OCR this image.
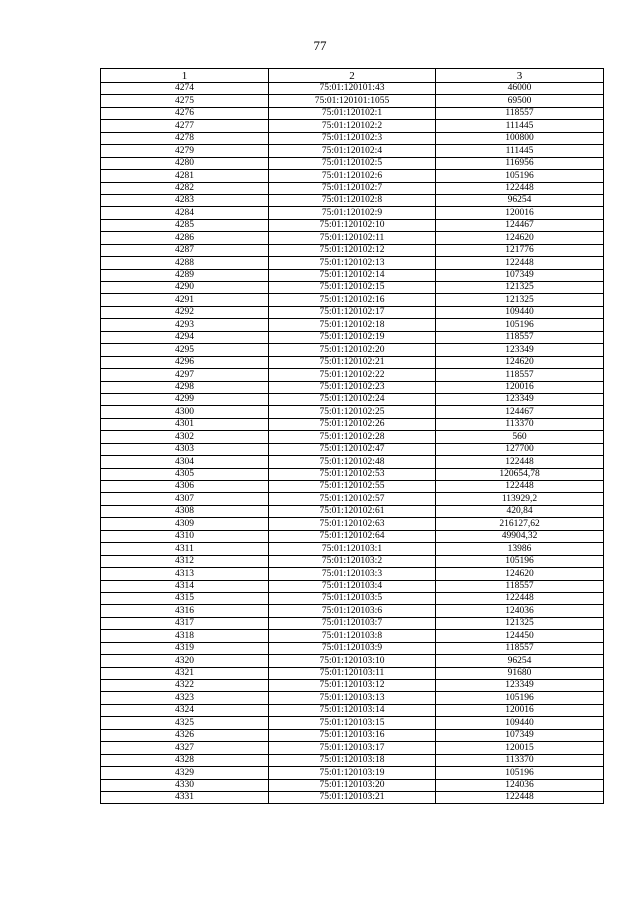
77
1	2	3
4274	75:01:120101:43	46000
4275	75:01:120101:1055	69500
4276	75:01:120102:1	118557
4277	75:01:120102:2	111445
4278	75:01:120102:3	100800
4279	75:01:120102:4	111445
4280	75:01:120102:5	116956
4281	75:01:120102:6	105196
4282	75:01:120102:7	122448
4283	75:01:120102:8	96254
4284	75:01:120102:9	120016
4285	75:01:120102:10	124467
4286	75:01:120102:11	124620
4287	75:01:120102:12	121776
4288	75:01:120102:13	122448
4289	75:01:120102:14	107349
4290	75:01:120102:15	121325
4291	75:01:120102:16	121325
4292	75:01:120102:17	109440
4293	75:01:120102:18	105196
4294	75:01:120102:19	118557
4295	75:01:120102:20	123349
4296	75:01:120102:21	124620
4297	75:01:120102:22	118557
4298	75:01:120102:23	120016
4299	75:01:120102:24	123349
4300	75:01:120102:25	124467
4301	75:01:120102:26	113370
4302	75:01:120102:28	560
4303	75:01:120102:47	127700
4304	75:01:120102:48	122448
4305	75:01:120102:53	120654,78
4306	75:01:120102:55	122448
4307	75:01:120102:57	113929,2
4308	75:01:120102:61	420,84
4309	75:01:120102:63	216127,62
4310	75:01:120102:64	49904,32
4311	75:01:120103:1	13986
4312	75:01:120103:2	105196
4313	75:01:120103:3	124620
4314	75:01:120103:4	118557
4315	75:01:120103:5	122448
4316	75:01:120103:6	124036
4317	75:01:120103:7	121325
4318	75:01:120103:8	124450
4319	75:01:120103:9	118557
4320	75:01:120103:10	96254
4321	75:01:120103:11	91680
4322	75:01:120103:12	123349
4323	75:01:120103:13	105196
4324	75:01:120103:14	120016
4325	75:01:120103:15	109440
4326	75:01:120103:16	107349
4327	75:01:120103:17	120015
4328	75:01:120103:18	113370
4329	75:01:120103:19	105196
4330	75:01:120103:20	124036
4331	75:01:120103:21	122448
